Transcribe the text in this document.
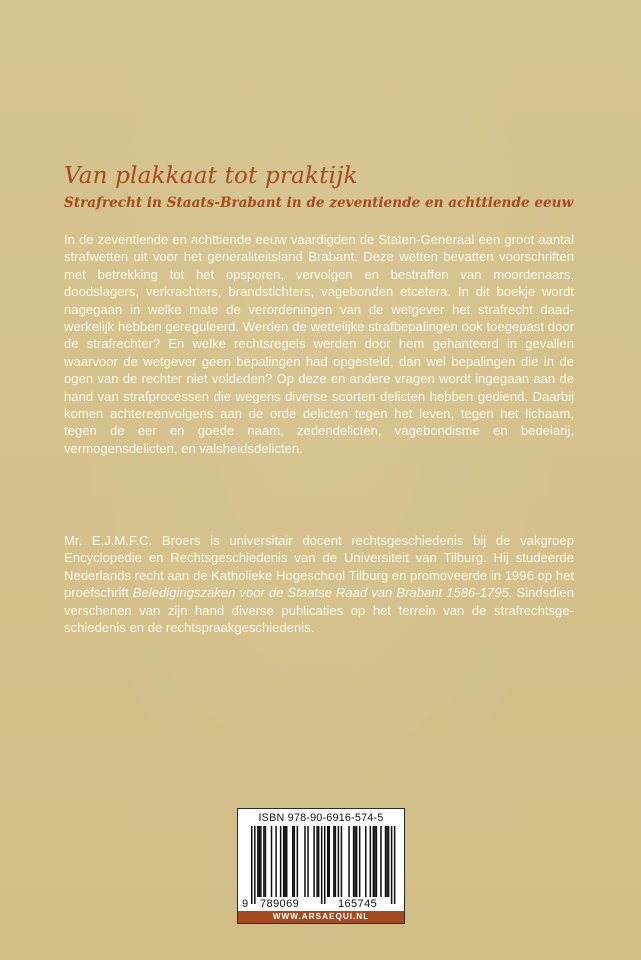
Van plakkaat tot praktijk
Strafrecht in Staats-Brabant in de zeventiende en achttiende eeuw

In de zeventiende en achttiende eeuw vaardigden de Staten-Generaal een groot aantal strafwetten uit voor het generaliteitsland Brabant. Deze wetten bevatten voorschriften met betrekking tot het opsporen, vervolgen en bestraffen van moordenaars, doodslagers, verkrachters, brandstichters, vagebonden etcetera. In dit boekje wordt nagegaan in welke mate de verordeningen van de wetgever het strafrecht daadwerkelijk hebben gereguleerd. Werden de wettelijke strafbepalingen ook toegepast door de strafrechter? En welke rechtsregels werden door hem gehanteerd in gevallen waarvoor de wetgever geen bepalingen had opgesteld, dan wel bepalingen die in de ogen van de rechter niet voldeden? Op deze en andere vragen wordt ingegaan aan de hand van strafprocessen die wegens diverse soorten delicten hebben gediend. Daarbij komen achtereenvolgens aan de orde delicten tegen het leven, tegen het lichaam, tegen de eer en goede naam, zedendelicten, vagebondisme en bedelarij, vermogensdelicten, en valsheidsdelicten.

Mr. E.J.M.F.C. Broers is universitair docent rechtsgeschiedenis bij de vakgroep Encyclopedie en Rechtsgeschiedenis van de Universiteit van Tilburg. Hij studeerde Nederlands recht aan de Katholieke Hogeschool Tilburg en promoveerde in 1996 op het proefschrift Beledigingszaken voor de Staatse Raad van Brabant 1586-1795. Sindsdien verschenen van zijn hand diverse publicaties op het terrein van de strafrechtsgeschiedenis en de rechtspraakgeschiedenis.

ISBN 978-90-6916-574-5
9 789069	165745
WWW.ARSAEQUI.NL
